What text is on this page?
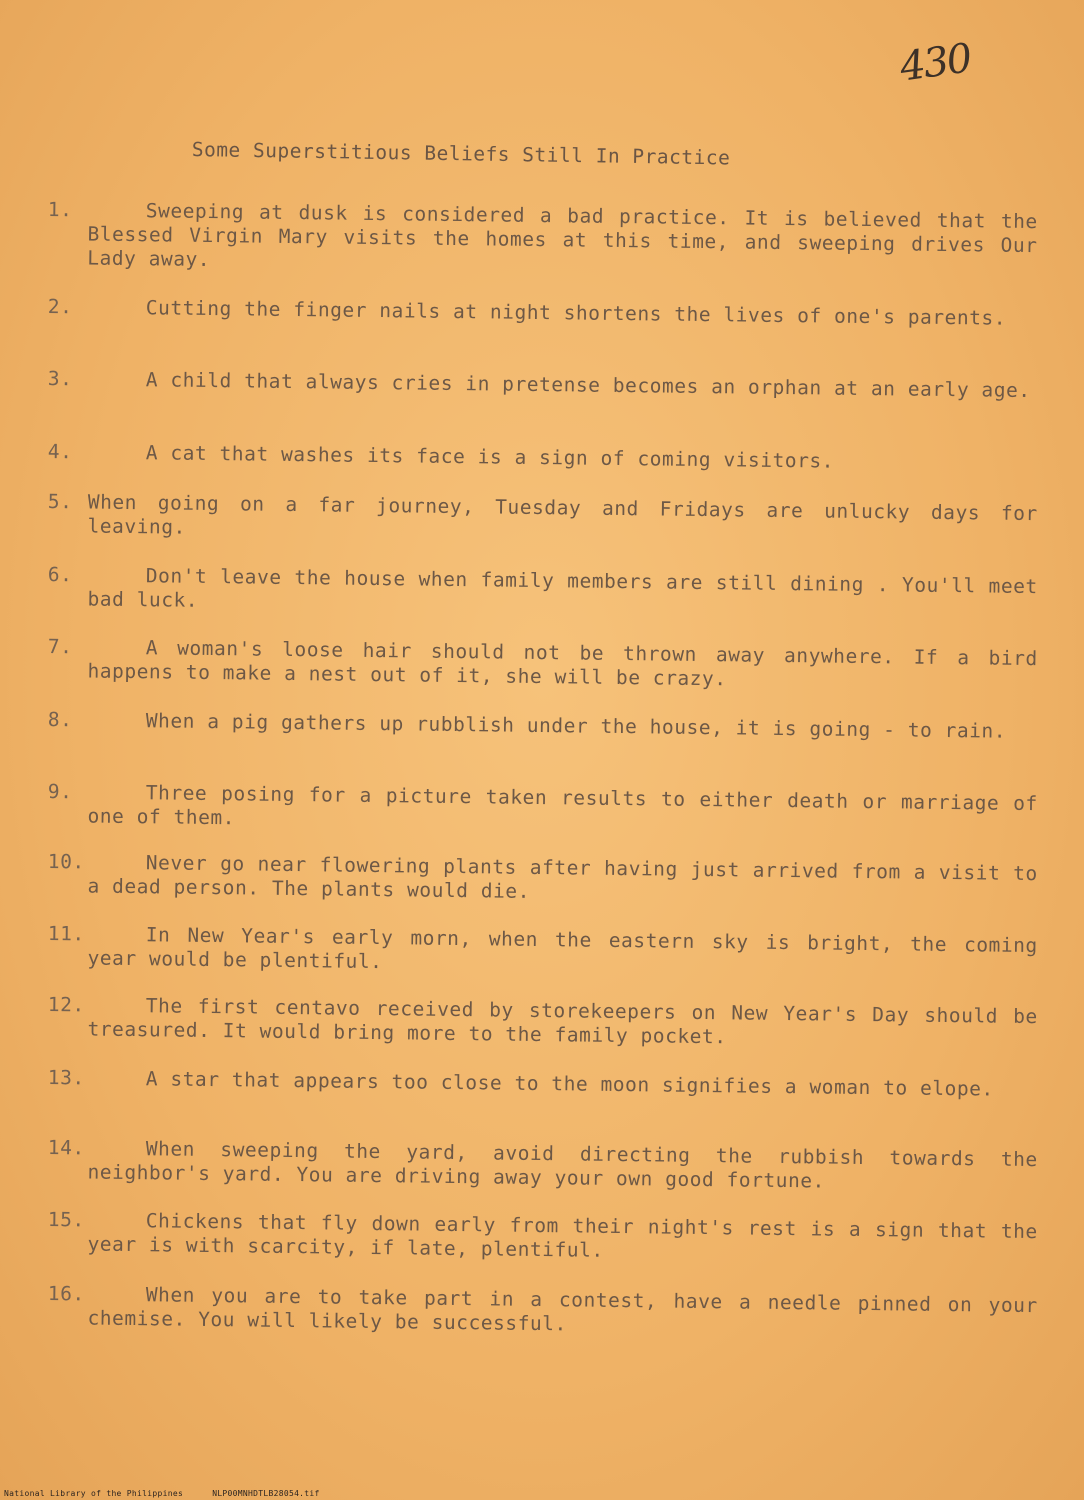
430
Some Superstitious Beliefs Still In Practice
1.	Sweeping at dusk is considered a bad practice. It is believed that the Blessed Virgin Mary visits the homes at this time, and sweeping drives Our Lady away.
2.	Cutting the finger nails at night shortens the lives of one's parents.
3.	A child that always cries in pretense becomes an orphan at an early age.
4.	A cat that washes its face is a sign of coming visitors.
5. When going on a far journey, Tuesday and Fridays are unlucky days for leaving.
6.	Don't leave the house when family members are still dining . You'll meet bad luck.
7.	A woman's loose hair should not be thrown away anywhere. If a bird happens to make a nest out of it, she will be crazy.
8.	When a pig gathers up rubblish under the house, it is going - to rain.
9.	Three posing for a picture taken results to either death or marriage of one of them.
10.	Never go near flowering plants after having just arrived from a visit to a dead person. The plants would die.
11.	In New Year's early morn, when the eastern sky is bright, the coming year would be plentiful.
12.	The first centavo received by storekeepers on New Year's Day should be treasured. It would bring more to the family pocket.
13.	A star that appears too close to the moon signifies a woman to elope.
14.	When sweeping the yard, avoid directing the rubbish towards the neighbor's yard. You are driving away your own good fortune.
15.	Chickens that fly down early from their night's rest is a sign that the year is with scarcity, if late, plentiful.
16.	When you are to take part in a contest, have a needle pinned on your chemise. You will likely be successful.
National Library of the Philippines	NLP00MNHDTLB28054.tif
